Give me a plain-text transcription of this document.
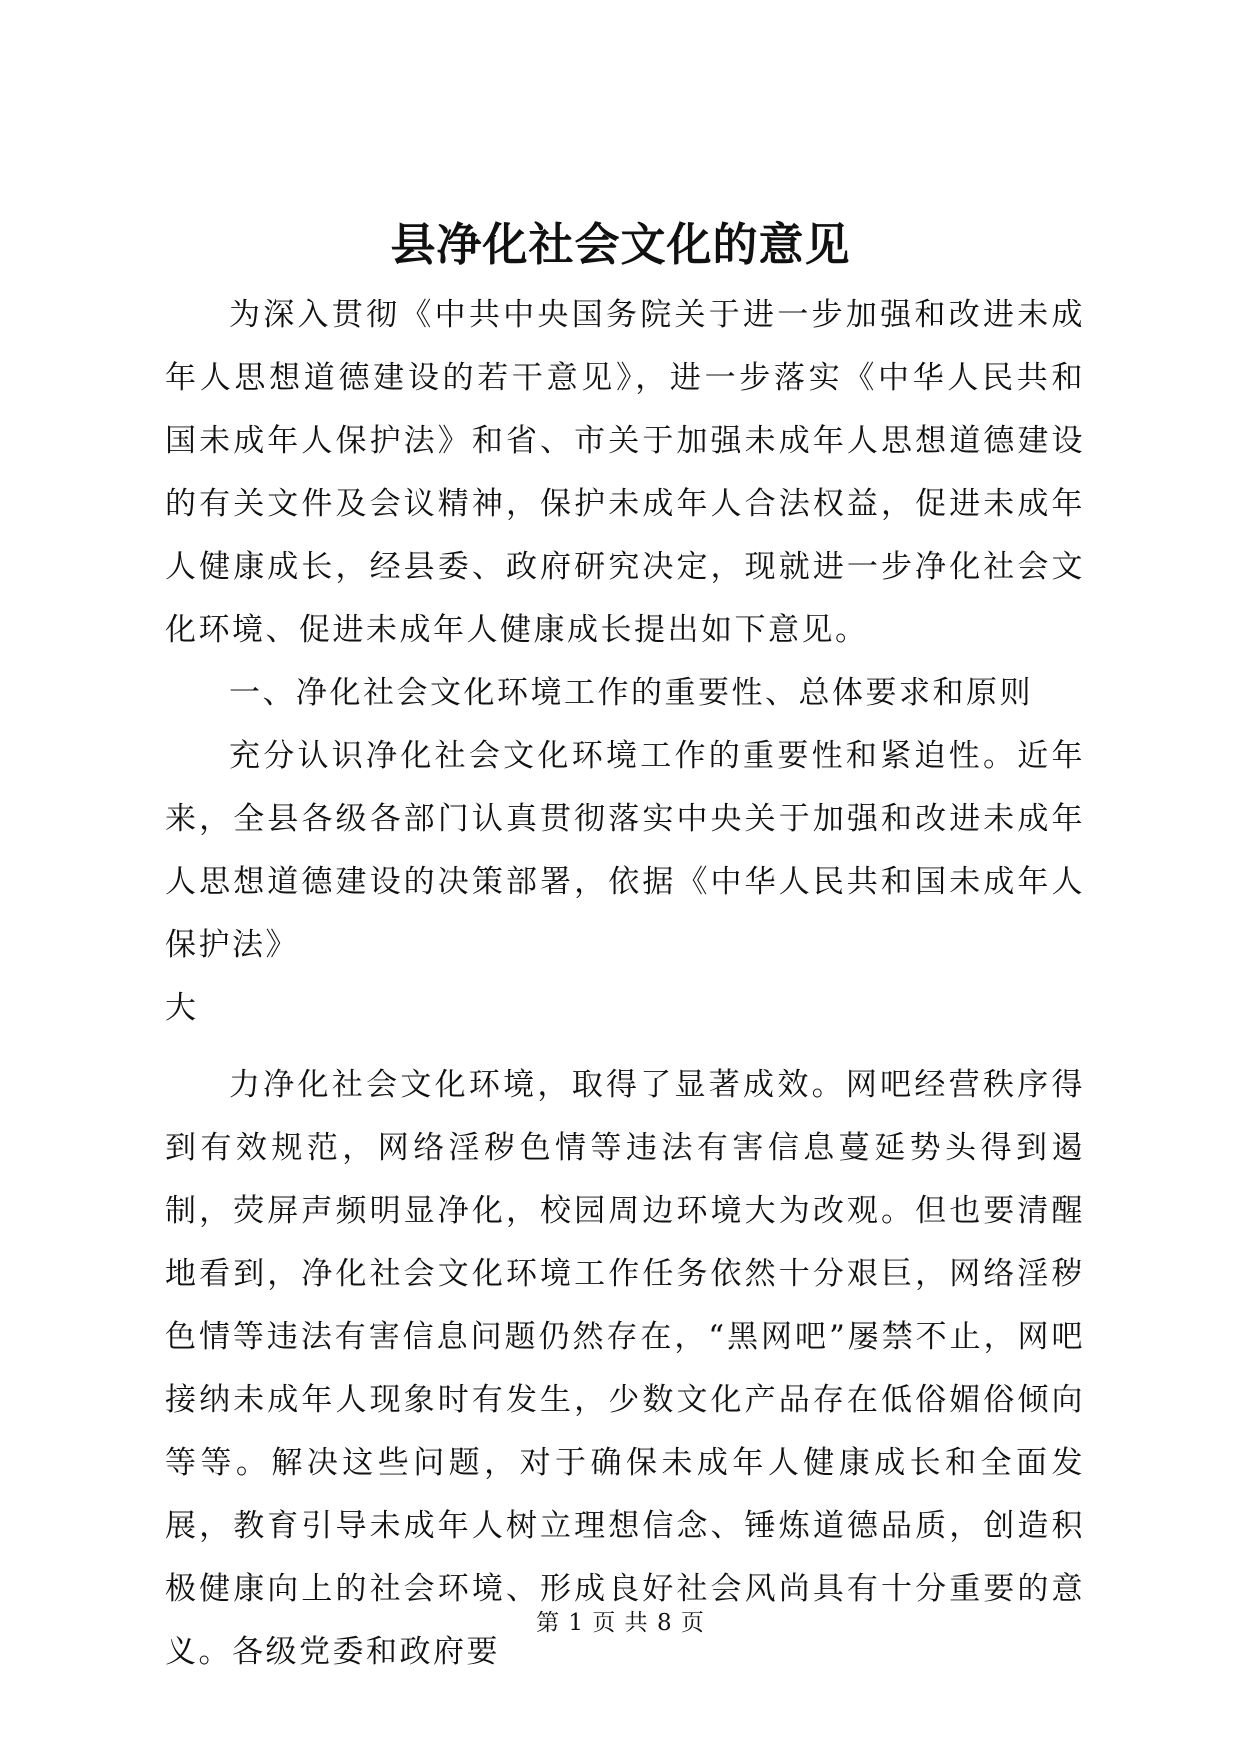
县净化社会文化的意见

为深入贯彻《中共中央国务院关于进一步加强和改进未成年人思想道德建设的若干意见》，进一步落实《中华人民共和国未成年人保护法》和省、市关于加强未成年人思想道德建设的有关文件及会议精神，保护未成年人合法权益，促进未成年人健康成长，经县委、政府研究决定，现就进一步净化社会文化环境、促进未成年人健康成长提出如下意见。

一、净化社会文化环境工作的重要性、总体要求和原则

充分认识净化社会文化环境工作的重要性和紧迫性。近年来，全县各级各部门认真贯彻落实中央关于加强和改进未成年人思想道德建设的决策部署，依据《中华人民共和国未成年人保护法》

大

力净化社会文化环境，取得了显著成效。网吧经营秩序得到有效规范，网络淫秽色情等违法有害信息蔓延势头得到遏制，荧屏声频明显净化，校园周边环境大为改观。但也要清醒地看到，净化社会文化环境工作任务依然十分艰巨，网络淫秽色情等违法有害信息问题仍然存在，“黑网吧”屡禁不止，网吧接纳未成年人现象时有发生，少数文化产品存在低俗媚俗倾向等等。解决这些问题，对于确保未成年人健康成长和全面发展，教育引导未成年人树立理想信念、锤炼道德品质，创造积极健康向上的社会环境、形成良好社会风尚具有十分重要的意义。各级党委和政府要

第 1 页 共 8 页
